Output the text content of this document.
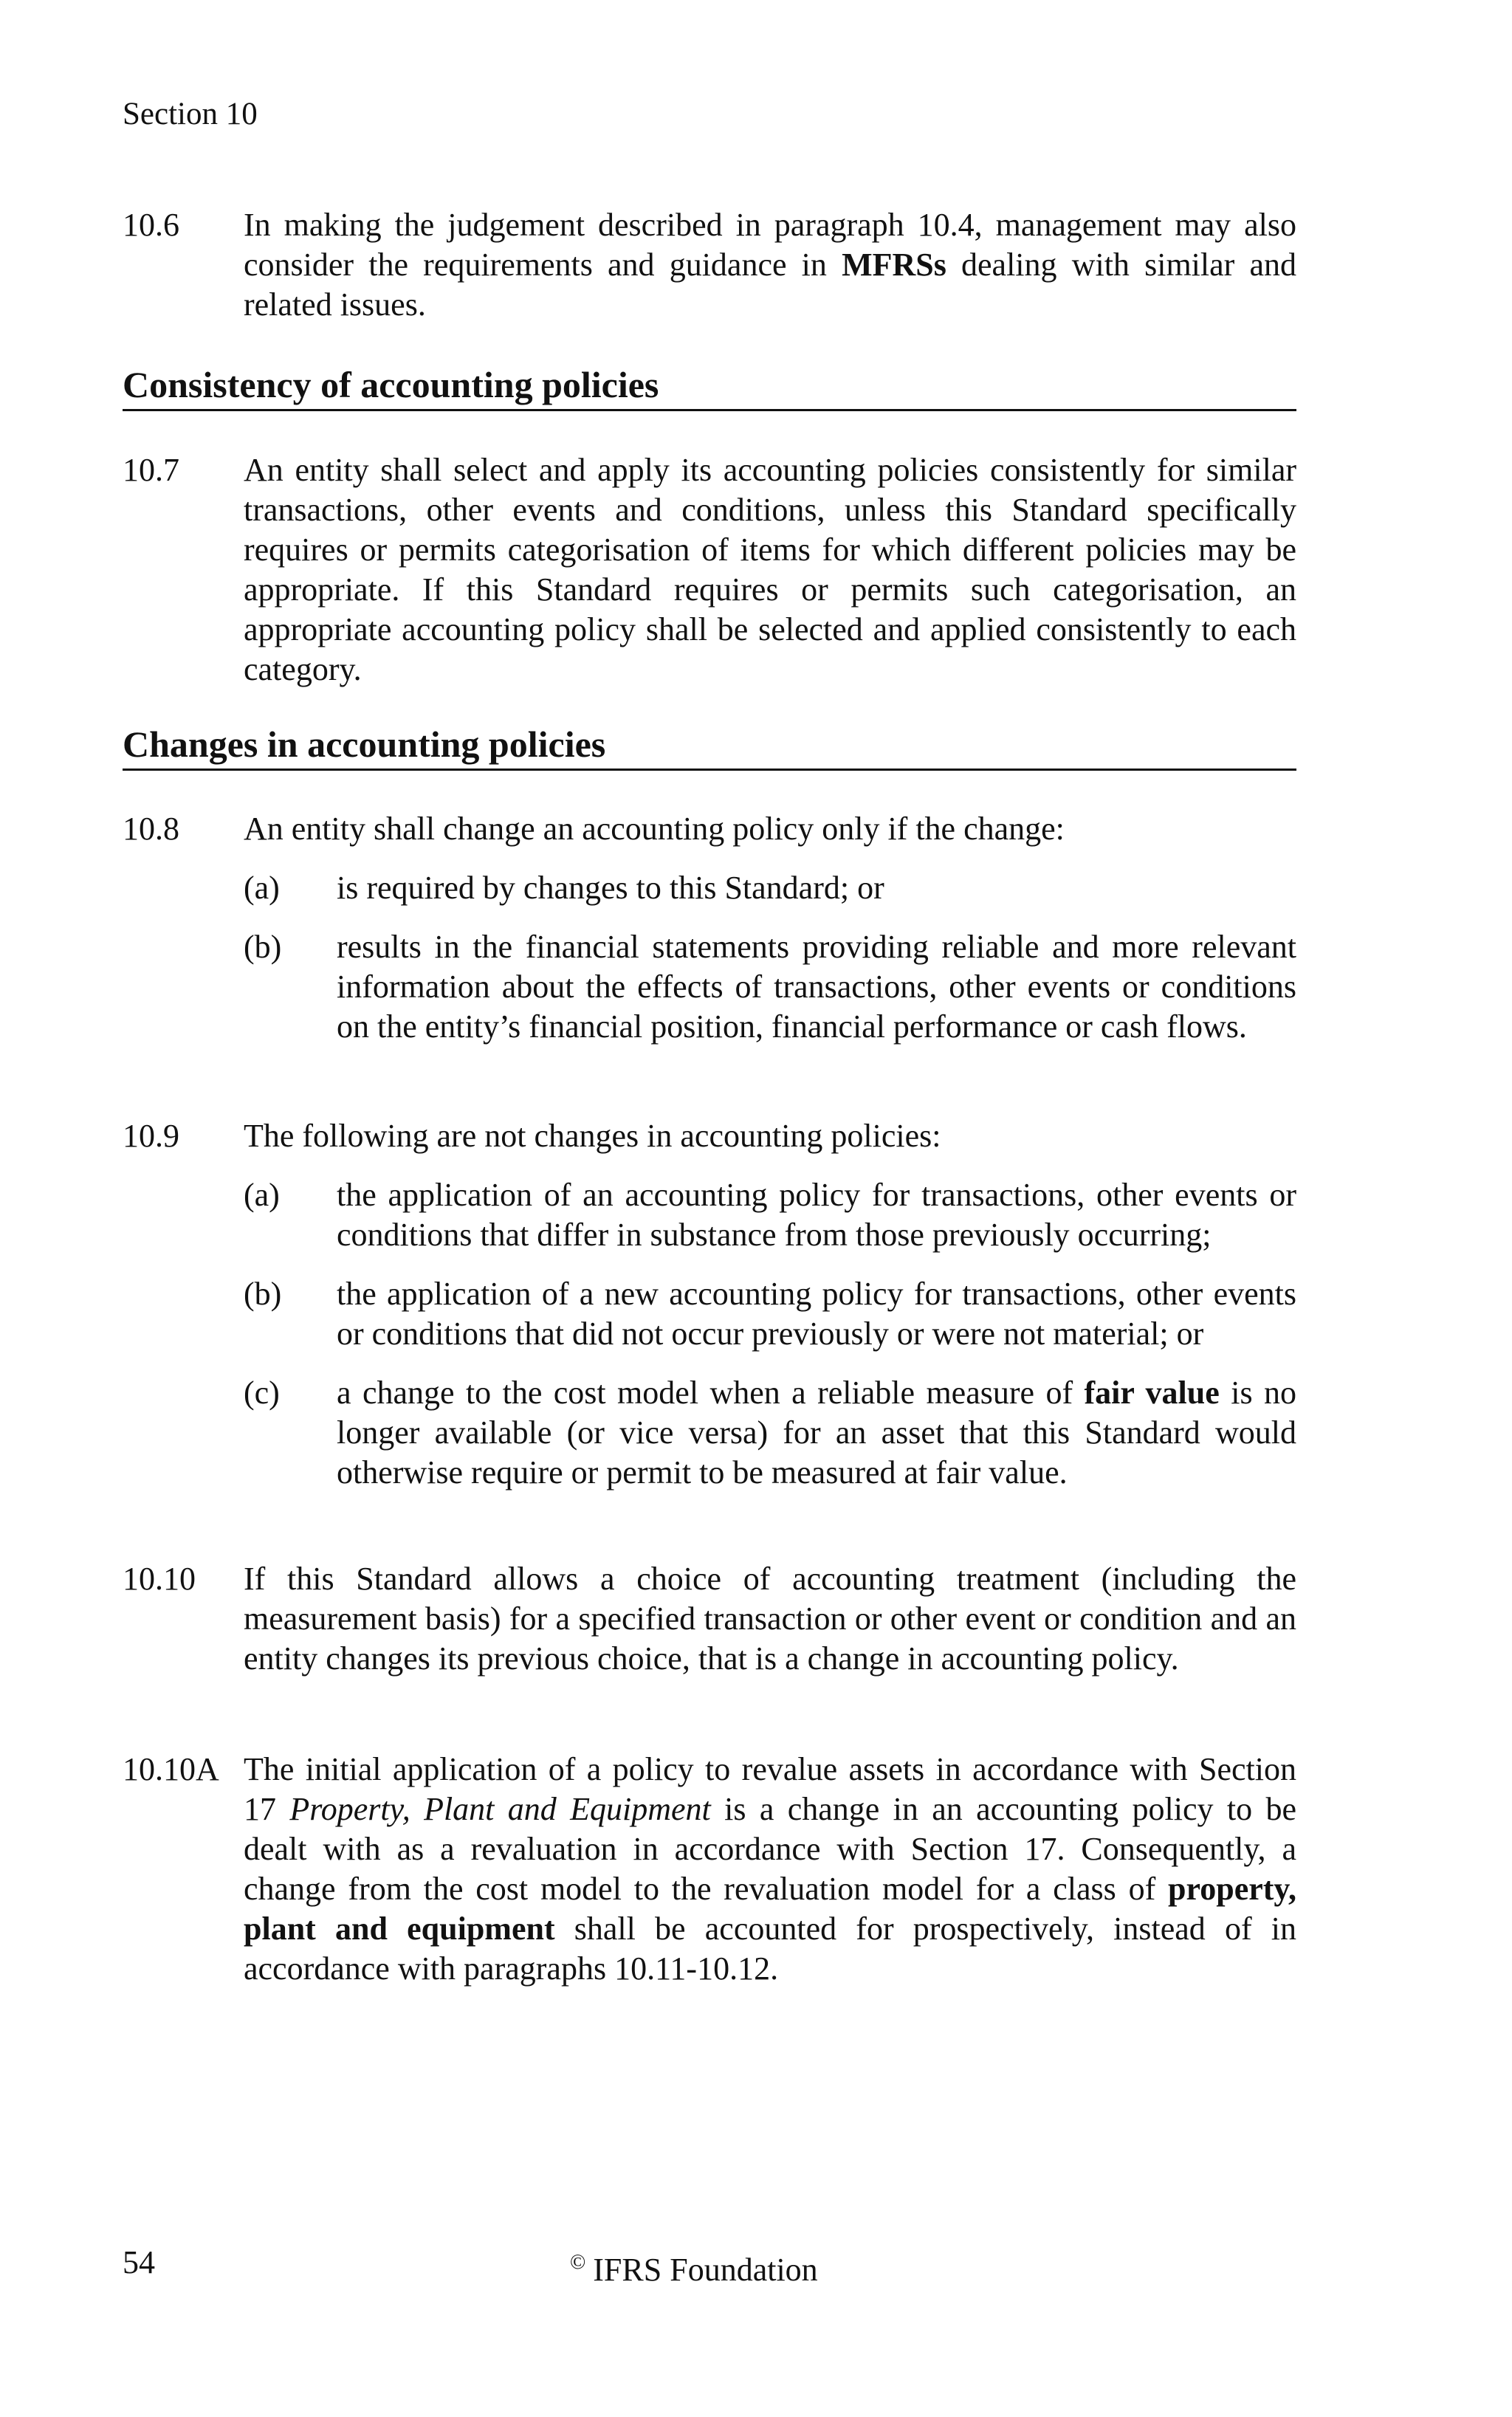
Section 10
10.6 In making the judgement described in paragraph 10.4, management may also consider the requirements and guidance in MFRSs dealing with similar and related issues.
Consistency of accounting policies
10.7 An entity shall select and apply its accounting policies consistently for similar transactions, other events and conditions, unless this Standard specifically requires or permits categorisation of items for which different policies may be appropriate. If this Standard requires or permits such categorisation, an appropriate accounting policy shall be selected and applied consistently to each category.
Changes in accounting policies
10.8 An entity shall change an accounting policy only if the change:
(a) is required by changes to this Standard; or
(b) results in the financial statements providing reliable and more relevant information about the effects of transactions, other events or conditions on the entity’s financial position, financial performance or cash flows.
10.9 The following are not changes in accounting policies:
(a) the application of an accounting policy for transactions, other events or conditions that differ in substance from those previously occurring;
(b) the application of a new accounting policy for transactions, other events or conditions that did not occur previously or were not material; or
(c) a change to the cost model when a reliable measure of fair value is no longer available (or vice versa) for an asset that this Standard would otherwise require or permit to be measured at fair value.
10.10 If this Standard allows a choice of accounting treatment (including the measurement basis) for a specified transaction or other event or condition and an entity changes its previous choice, that is a change in accounting policy.
10.10A The initial application of a policy to revalue assets in accordance with Section 17 Property, Plant and Equipment is a change in an accounting policy to be dealt with as a revaluation in accordance with Section 17. Consequently, a change from the cost model to the revaluation model for a class of property, plant and equipment shall be accounted for prospectively, instead of in accordance with paragraphs 10.11-10.12.
54	© IFRS Foundation
